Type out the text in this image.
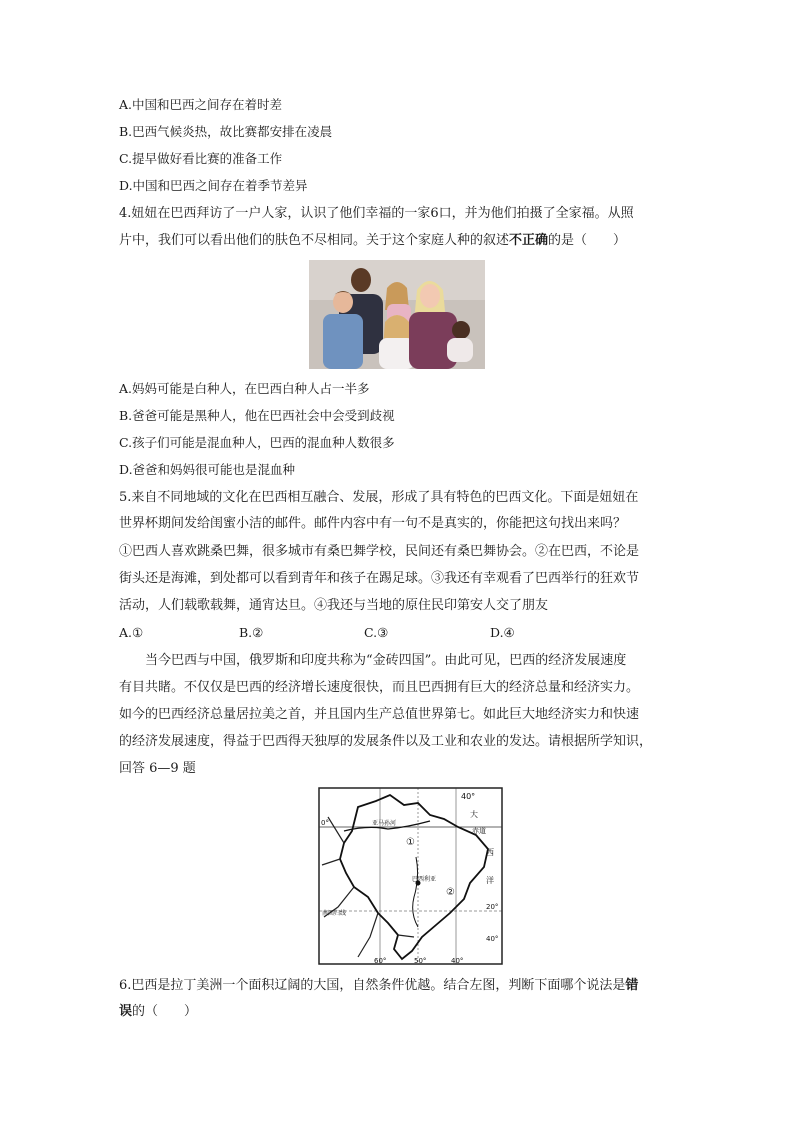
A.中国和巴西之间存在着时差
B.巴西气候炎热，故比赛都安排在凌晨
C.提早做好看比赛的准备工作
D.中国和巴西之间存在着季节差异
4.妞妞在巴西拜访了一户人家，认识了他们幸福的一家6口，并为他们拍摄了全家福。从照
片中，我们可以看出他们的肤色不尽相同。关于这个家庭人种的叙述不正确的是（　　）
A.妈妈可能是白种人，在巴西白种人占一半多
B.爸爸可能是黑种人，他在巴西社会中会受到歧视
C.孩子们可能是混血种人，巴西的混血种人数很多
D.爸爸和妈妈很可能也是混血种
5.来自不同地域的文化在巴西相互融合、发展，形成了具有特色的巴西文化。下面是妞妞在
世界杯期间发给闺蜜小洁的邮件。邮件内容中有一句不是真实的，你能把这句找出来吗？
①巴西人喜欢跳桑巴舞，很多城市有桑巴舞学校，民间还有桑巴舞协会。②在巴西，不论是
街头还是海滩，到处都可以看到青年和孩子在踢足球。③我还有幸观看了巴西举行的狂欢节
活动，人们载歌载舞，通宵达旦。④我还与当地的原住民印第安人交了朋友
A.①	B.②	C.③	D.④
当今巴西与中国，俄罗斯和印度共称为“金砖四国”。由此可见，巴西的经济发展速度
有目共睹。不仅仅是巴西的经济增长速度很快，而且巴西拥有巨大的经济总量和经济实力。
如今的巴西经济总量居拉美之首，并且国内生产总值世界第七。如此巨大地经济实力和快速
的经济发展速度，得益于巴西得天独厚的发展条件以及工业和农业的发达。请根据所学知识，
回答 6—9 题
40°
大
赤道
0°	亚马孙河
西
洋
①
巴西利亚
②
南回归线
20°
60°	50°	40°
40°
6.巴西是拉丁美洲一个面积辽阔的大国，自然条件优越。结合左图，判断下面哪个说法是错
误的（　　）
